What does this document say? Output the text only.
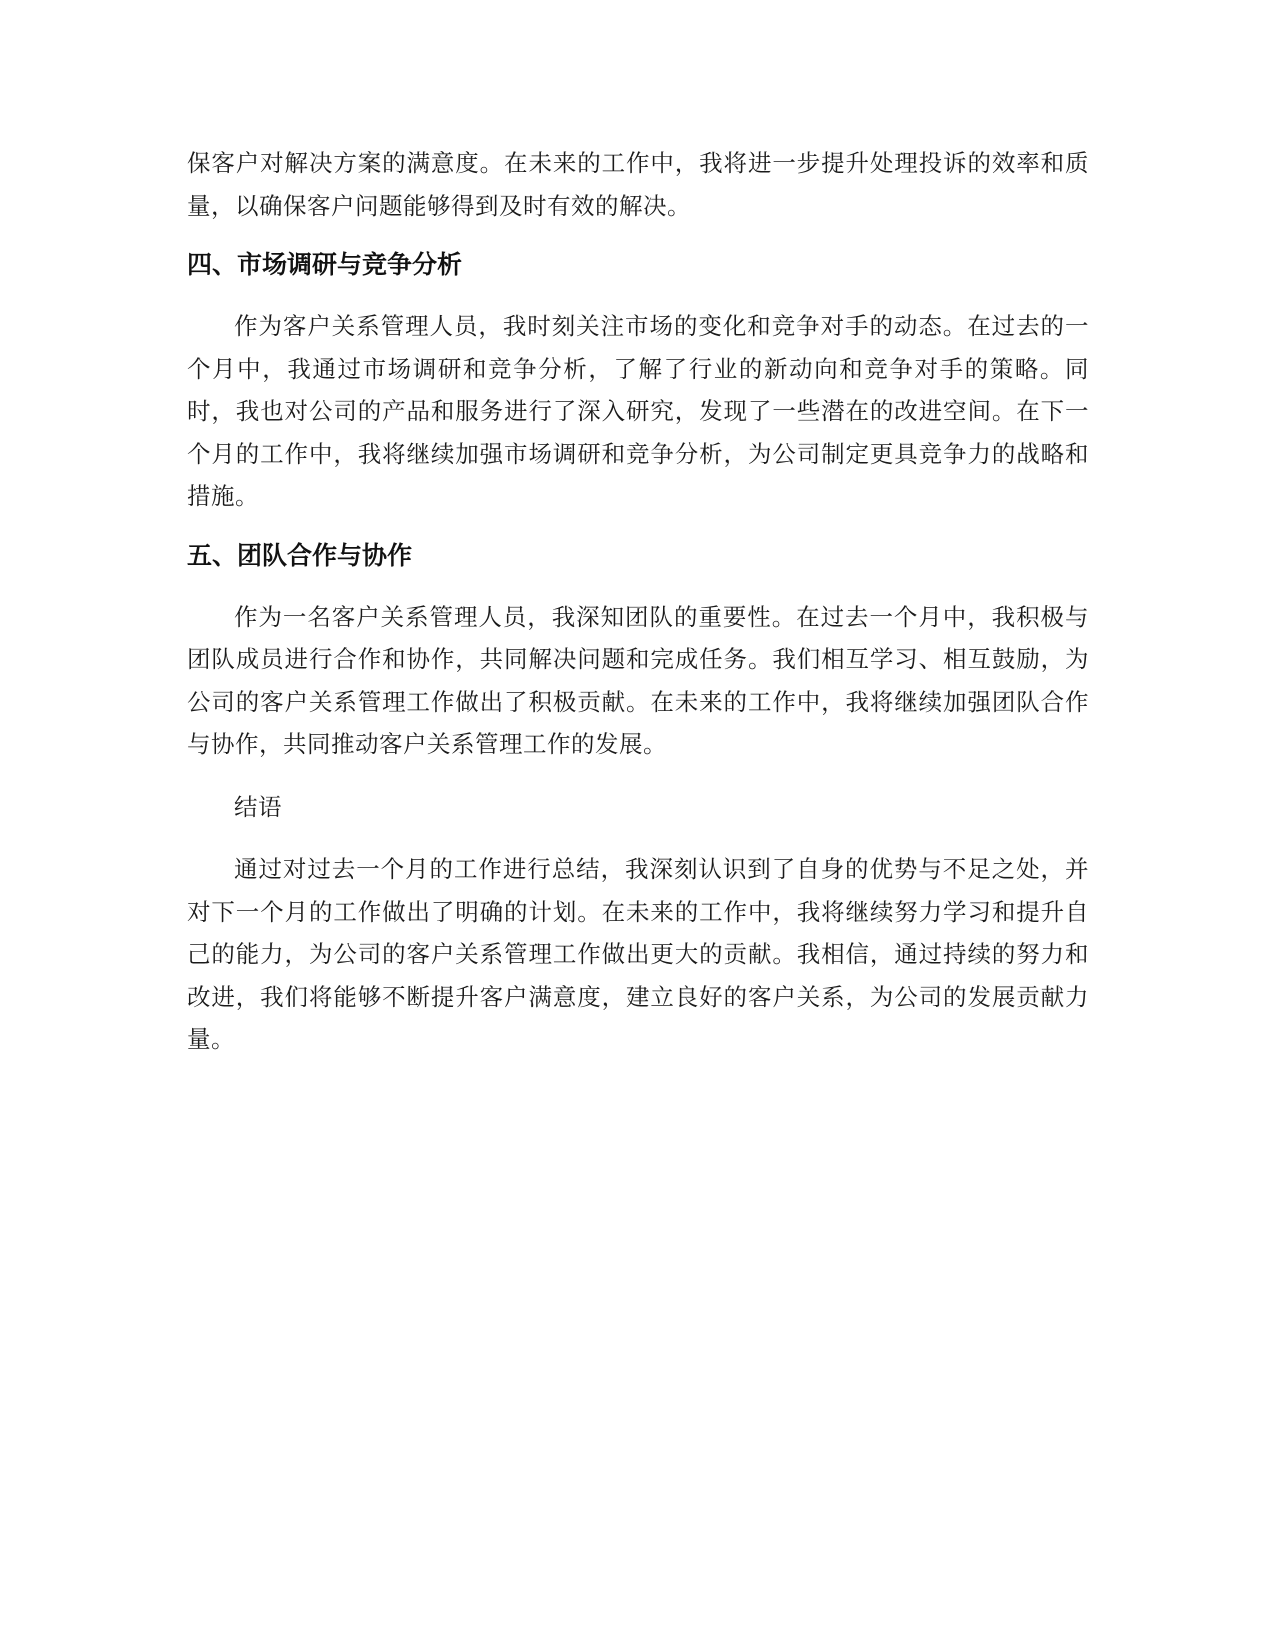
保客户对解决方案的满意度。在未来的工作中，我将进一步提升处理投诉的效率和质量，以确保客户问题能够得到及时有效的解决。

四、市场调研与竞争分析

作为客户关系管理人员，我时刻关注市场的变化和竞争对手的动态。在过去的一个月中，我通过市场调研和竞争分析，了解了行业的新动向和竞争对手的策略。同时，我也对公司的产品和服务进行了深入研究，发现了一些潜在的改进空间。在下一个月的工作中，我将继续加强市场调研和竞争分析，为公司制定更具竞争力的战略和措施。

五、团队合作与协作

作为一名客户关系管理人员，我深知团队的重要性。在过去一个月中，我积极与团队成员进行合作和协作，共同解决问题和完成任务。我们相互学习、相互鼓励，为公司的客户关系管理工作做出了积极贡献。在未来的工作中，我将继续加强团队合作与协作，共同推动客户关系管理工作的发展。

结语

通过对过去一个月的工作进行总结，我深刻认识到了自身的优势与不足之处，并对下一个月的工作做出了明确的计划。在未来的工作中，我将继续努力学习和提升自己的能力，为公司的客户关系管理工作做出更大的贡献。我相信，通过持续的努力和改进，我们将能够不断提升客户满意度，建立良好的客户关系，为公司的发展贡献力量。
